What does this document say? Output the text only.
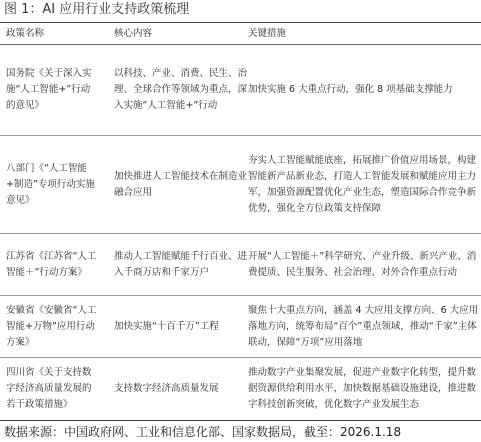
图 1：AI 应用行业支持政策梳理
政策名称	核心内容	关键措施
国务院《关于深入实施“人工智能+”行动的意见》
以科技、产业、消费、民生、治理、全球合作等领域为重点，深入实施“人工智能+”行动
加快实施 6 大重点行动，强化 8 项基础支撑能力
八部门《“人工智能+制造”专项行动实施意见》
加快推进人工智能技术在制造业融合应用
夯实人工智能赋能底座，拓展推广价值应用场景，构建智能新产品新业态，打造人工智能发展和赋能应用主力军，加强资源配置优化产业生态，塑造国际合作竞争新优势，强化全方位政策支持保障
江苏省《江苏省“人工智能＋”行动方案》
推动人工智能赋能千行百业、进入千商万店和千家万户
开展“人工智能＋”科学研究、产业升级、新兴产业、消费提质、民生服务、社会治理、对外合作重点行动
安徽省《安徽省“人工智能+万物”应用行动方案》
加快实施“十百千万”工程
聚焦十大重点方向，涵盖 4 大应用支撑方向、6 大应用落地方向，统筹布局“百个”重点领域，推动“千家”主体联动，保障“万项”应用落地
四川省《关于支持数字经济高质量发展的若干政策措施》
支持数字经济高质量发展
推动数字产业集聚发展，促进产业数字化转型，提升数据资源供给利用水平，加快数据基础设施建设，推进数字科技创新突破，优化数字产业发展生态
数据来源：中国政府网、工业和信息化部、国家数据局，截至：2026.1.18
